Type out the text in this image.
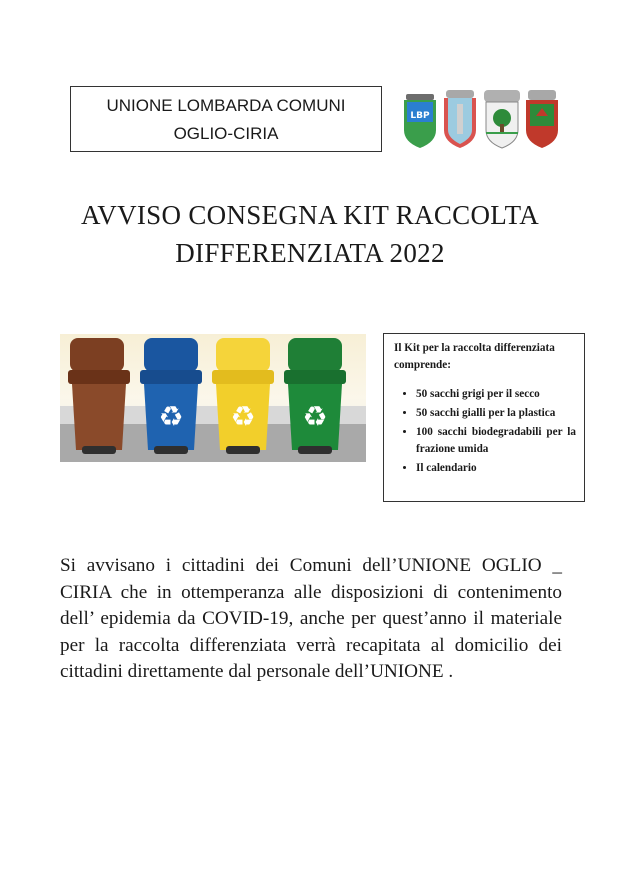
UNIONE LOMBARDA COMUNI
OGLIO-CIRIA
LBP
AVVISO CONSEGNA KIT RACCOLTA
DIFFERENZIATA 2022
♻ ♻ ♻
Il Kit per la raccolta differenziata comprende:
• 50 sacchi grigi per il secco
• 50 sacchi gialli per la plastica
• 100 sacchi biodegradabili per la frazione umida
• Il calendario
Si avvisano i cittadini dei Comuni dell’UNIONE OGLIO _ CIRIA che in ottemperanza alle disposizioni di contenimento dell’ epidemia da COVID-19, anche per quest’anno il materiale per la raccolta differenziata verrà recapitata al domicilio dei cittadini direttamente dal personale dell’UNIONE .
